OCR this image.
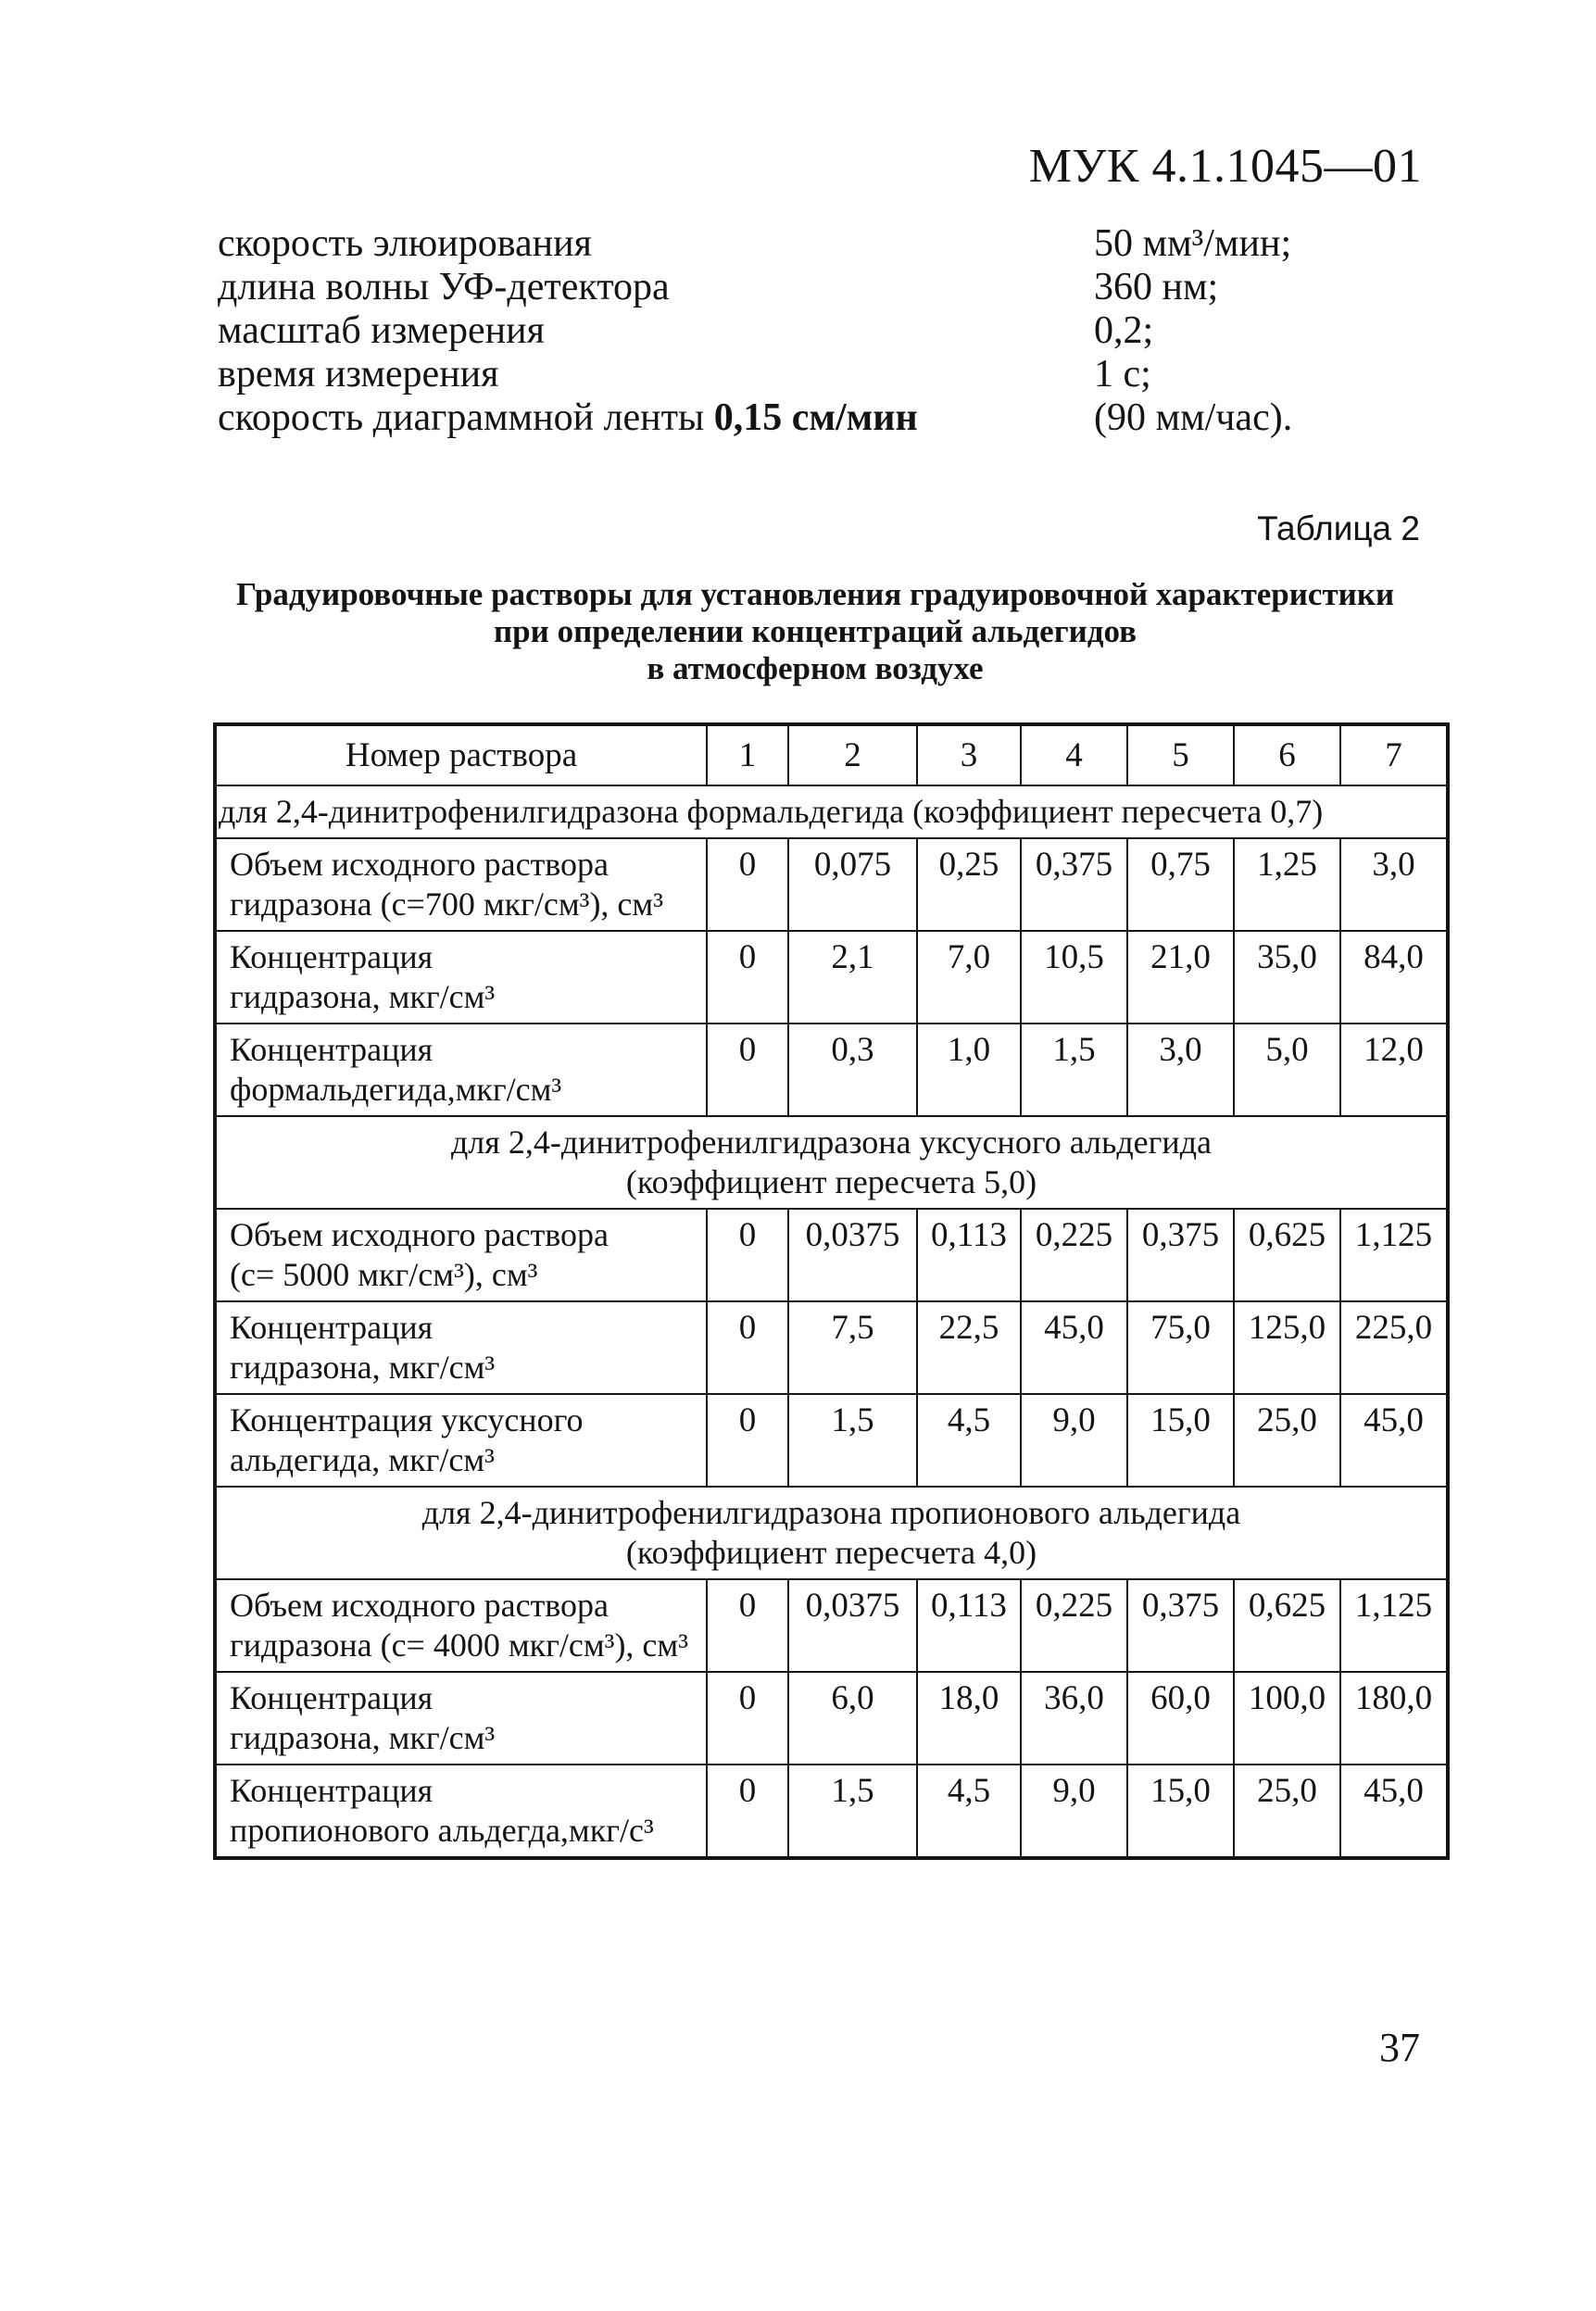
МУК 4.1.1045—01
скорость элюирования	50 мм³/мин;
длина волны УФ-детектора	360 нм;
масштаб измерения	0,2;
время измерения	1 с;
скорость диаграммной ленты 0,15 см/мин	(90 мм/час).
Таблица 2
Градуировочные растворы для установления градуировочной характеристики
при определении концентраций альдегидов
в атмосферном воздухе
Номер раствора	1	2	3	4	5	6	7
для 2,4-динитрофенилгидразона формальдегида (коэффициент пересчета 0,7)							
Объем исходного раствора
гидразона (с=700 мкг/см³), см³	0	0,075	0,25	0,375	0,75	1,25	3,0
Концентрация
гидразона, мкг/см³	0	2,1	7,0	10,5	21,0	35,0	84,0
Концентрация
формальдегида,мкг/см³	0	0,3	1,0	1,5	3,0	5,0	12,0
для 2,4-динитрофенилгидразона уксусного альдегида
(коэффициент пересчета 5,0)							
Объем исходного раствора
(с= 5000 мкг/см³), см³	0	0,0375	0,113	0,225	0,375	0,625	1,125
Концентрация
гидразона, мкг/см³	0	7,5	22,5	45,0	75,0	125,0	225,0
Концентрация уксусного
альдегида, мкг/см³	0	1,5	4,5	9,0	15,0	25,0	45,0
для 2,4-динитрофенилгидразона пропионового альдегида
(коэффициент пересчета 4,0)							
Объем исходного раствора
гидразона (с= 4000 мкг/см³), см³	0	0,0375	0,113	0,225	0,375	0,625	1,125
Концентрация
гидразона, мкг/см³	0	6,0	18,0	36,0	60,0	100,0	180,0
Концентрация
пропионового альдегда,мкг/с³	0	1,5	4,5	9,0	15,0	25,0	45,0
37
